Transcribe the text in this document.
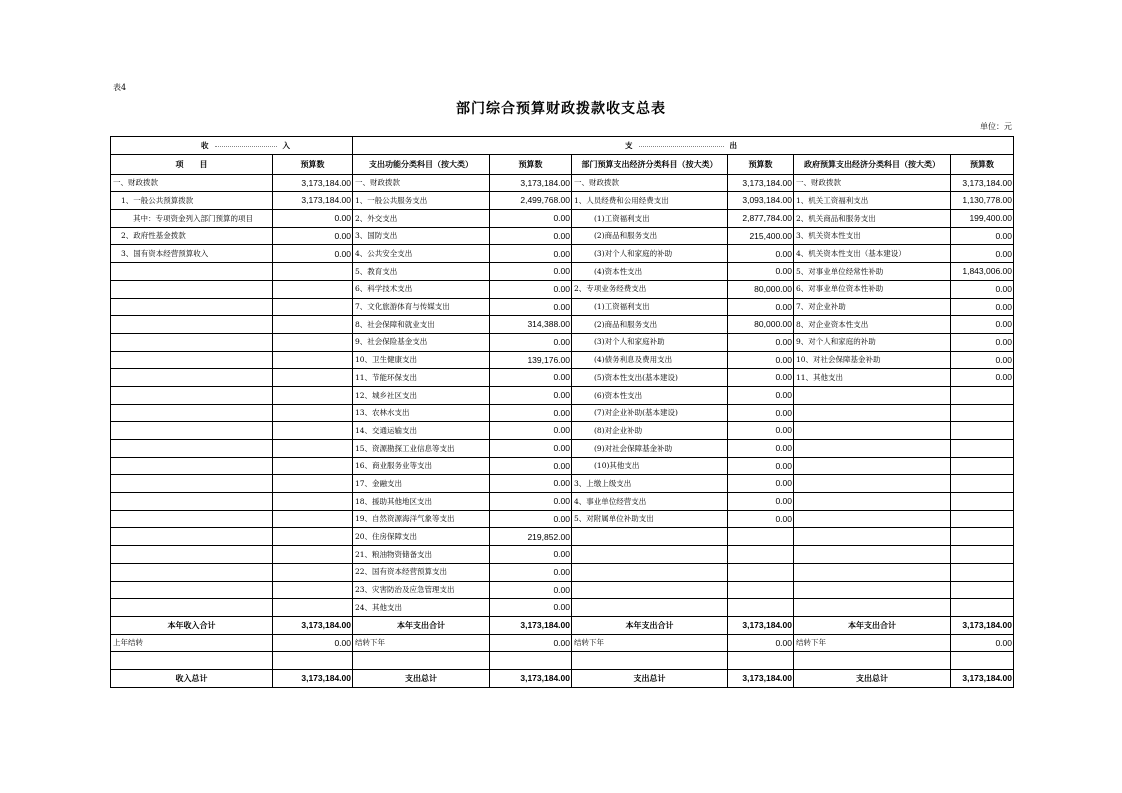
表4
部门综合预算财政拨款收支总表
单位：元
收 入		支 出					

项　　目	预算数	支出功能分类科目（按大类）	预算数	部门预算支出经济分类科目（按大类）	预算数	政府预算支出经济分类科目（按大类）	预算数
一、财政拨款	3,173,184.00	一、财政拨款	3,173,184.00	一、财政拨款	3,173,184.00	一、财政拨款	3,173,184.00
1、一般公共预算拨款	3,173,184.00	1、一般公共服务支出	2,499,768.00	1、人员经费和公用经费支出	3,093,184.00	1、机关工资福利支出	1,130,778.00
其中：专项资金列入部门预算的项目	0.00	2、外交支出	0.00	(1)工资福利支出	2,877,784.00	2、机关商品和服务支出	199,400.00
2、政府性基金拨款	0.00	3、国防支出	0.00	(2)商品和服务支出	215,400.00	3、机关资本性支出	0.00
3、国有资本经营预算收入	0.00	4、公共安全支出	0.00	(3)对个人和家庭的补助	0.00	4、机关资本性支出（基本建设）	0.00
		5、教育支出	0.00	(4)资本性支出	0.00	5、对事业单位经常性补助	1,843,006.00
		6、科学技术支出	0.00	2、专项业务经费支出	80,000.00	6、对事业单位资本性补助	0.00
		7、文化旅游体育与传媒支出	0.00	(1)工资福利支出	0.00	7、对企业补助	0.00
		8、社会保障和就业支出	314,388.00	(2)商品和服务支出	80,000.00	8、对企业资本性支出	0.00
		9、社会保险基金支出	0.00	(3)对个人和家庭补助	0.00	9、对个人和家庭的补助	0.00
		10、卫生健康支出	139,176.00	(4)债务利息及费用支出	0.00	10、对社会保障基金补助	0.00
		11、节能环保支出	0.00	(5)资本性支出(基本建设)	0.00	11、其他支出	0.00
		12、城乡社区支出	0.00	(6)资本性支出	0.00		
		13、农林水支出	0.00	(7)对企业补助(基本建设)	0.00		
		14、交通运输支出	0.00	(8)对企业补助	0.00		
		15、资源勘探工业信息等支出	0.00	(9)对社会保障基金补助	0.00		
		16、商业服务业等支出	0.00	(10)其他支出	0.00		
		17、金融支出	0.00	3、上缴上级支出	0.00		
		18、援助其他地区支出	0.00	4、事业单位经营支出	0.00		
		19、自然资源海洋气象等支出	0.00	5、对附属单位补助支出	0.00		
		20、住房保障支出	219,852.00				
		21、粮油物资储备支出	0.00				
		22、国有资本经营预算支出	0.00				
		23、灾害防治及应急管理支出	0.00				
		24、其他支出	0.00				
本年收入合计	3,173,184.00	本年支出合计	3,173,184.00	本年支出合计	3,173,184.00	本年支出合计	3,173,184.00
上年结转	0.00	结转下年	0.00	结转下年	0.00	结转下年	0.00

收入总计	3,173,184.00	支出总计	3,173,184.00	支出总计	3,173,184.00	支出总计	3,173,184.00
